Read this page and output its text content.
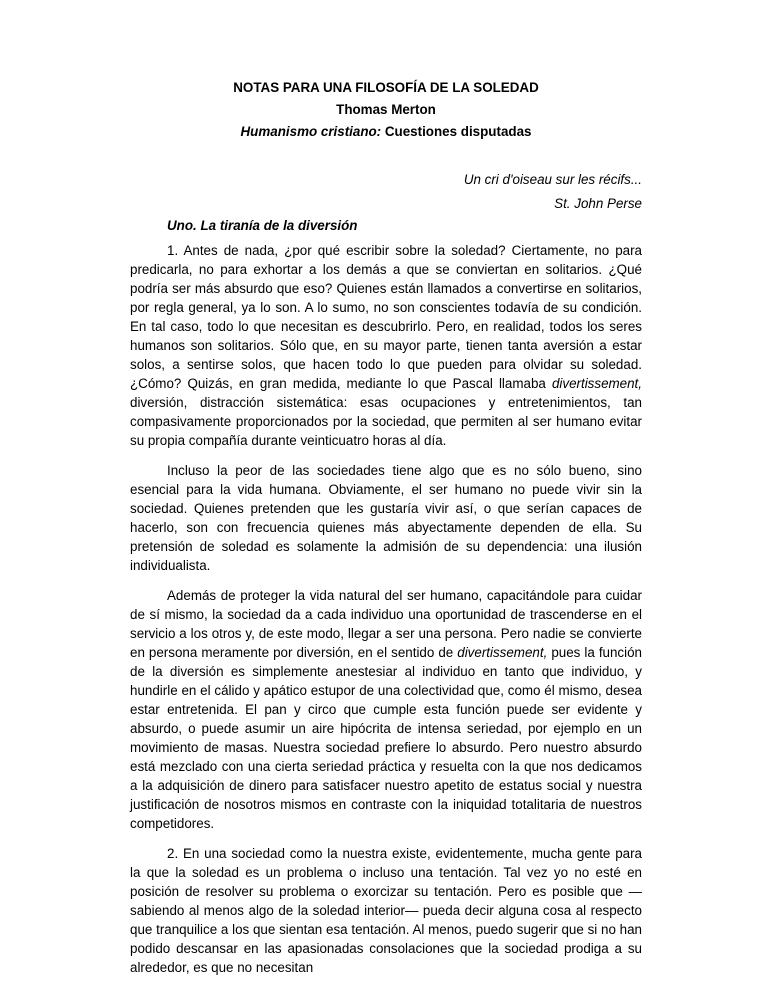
NOTAS PARA UNA FILOSOFÍA DE LA SOLEDAD

Thomas Merton

Humanismo cristiano: Cuestiones disputadas

Un cri d'oiseau sur les récifs...

St. John Perse

Uno. La tiranía de la diversión

1. Antes de nada, ¿por qué escribir sobre la soledad? Ciertamente, no para predicarla, no para exhortar a los demás a que se conviertan en solitarios. ¿Qué podría ser más absurdo que eso? Quienes están llamados a convertirse en solitarios, por regla general, ya lo son. A lo sumo, no son conscientes todavía de su condición. En tal caso, todo lo que necesitan es descubrirlo. Pero, en realidad, todos los seres humanos son solitarios. Sólo que, en su mayor parte, tienen tanta aversión a estar solos, a sentirse solos, que hacen todo lo que pueden para olvidar su soledad. ¿Cómo? Quizás, en gran medida, mediante lo que Pascal llamaba divertissement, diversión, distracción sistemática: esas ocupaciones y entretenimientos, tan compasivamente proporcionados por la sociedad, que permiten al ser humano evitar su propia compañía durante veinticuatro horas al día.

Incluso la peor de las sociedades tiene algo que es no sólo bueno, sino esencial para la vida humana. Obviamente, el ser humano no puede vivir sin la sociedad. Quienes pretenden que les gustaría vivir así, o que serían capaces de hacerlo, son con frecuencia quienes más abyectamente dependen de ella. Su pretensión de soledad es solamente la admisión de su dependencia: una ilusión individualista.

Además de proteger la vida natural del ser humano, capacitándole para cuidar de sí mismo, la sociedad da a cada individuo una oportunidad de trascenderse en el servicio a los otros y, de este modo, llegar a ser una persona. Pero nadie se convierte en persona meramente por diversión, en el sentido de divertissement, pues la función de la diversión es simplemente anestesiar al individuo en tanto que individuo, y hundirle en el cálido y apático estupor de una colectividad que, como él mismo, desea estar entretenida. El pan y circo que cumple esta función puede ser evidente y absurdo, o puede asumir un aire hipócrita de intensa seriedad, por ejemplo en un movimiento de masas. Nuestra sociedad prefiere lo absurdo. Pero nuestro absurdo está mezclado con una cierta seriedad práctica y resuelta con la que nos dedicamos a la adquisición de dinero para satisfacer nuestro apetito de estatus social y nuestra justificación de nosotros mismos en contraste con la iniquidad totalitaria de nuestros competidores.

2. En una sociedad como la nuestra existe, evidentemente, mucha gente para la que la soledad es un problema o incluso una tentación. Tal vez yo no esté en posición de resolver su problema o exorcizar su tentación. Pero es posible que —sabiendo al menos algo de la soledad interior— pueda decir alguna cosa al respecto que tranquilice a los que sientan esa tentación. Al menos, puedo sugerir que si no han podido descansar en las apasionadas consolaciones que la sociedad prodiga a su alrededor, es que no necesitan
